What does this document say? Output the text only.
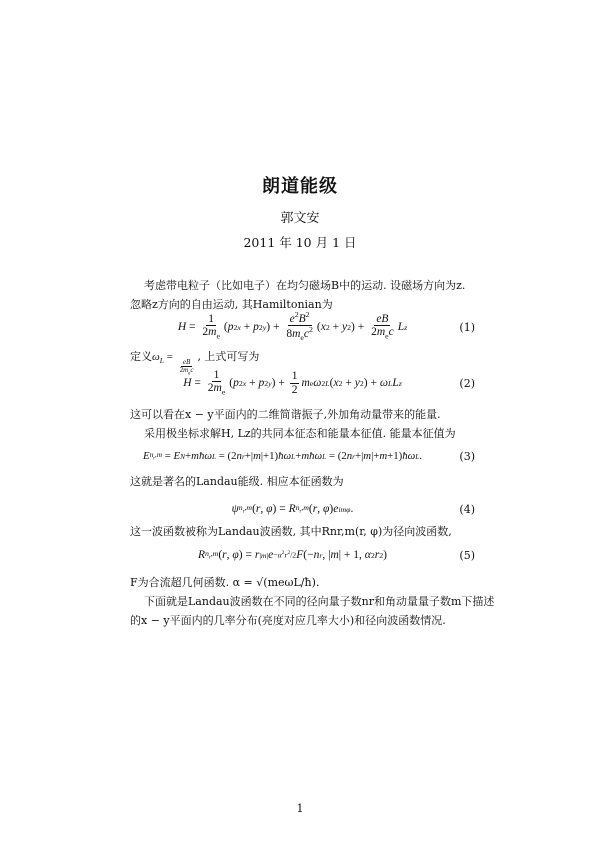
朗道能级
郭文安
2011 年 10 月 1 日
考虑带电粒子（比如电子）在均匀磁场B中的运动. 设磁场方向为z.
忽略z方向的自由运动, 其Hamiltonian为
$H = \frac{1}{2m_e}$ ( p 2 x + p 2 y ) + $\frac{e^2B^2}{8m_ec^2}$ ( x 2 + y 2 ) + $\frac{eB}{2m_ec}$ L z	(1)
定义$\omega_L$ =
$\frac{eB}{2m_ec}$
, 上式可写为
$H = \frac{1}{2m_e}$ ( p 2 x + p 2 y ) + $\frac{1}{2}$ m e ω 2 L ( x 2 + y 2 ) + ω L L z	(2)
这可以看在x − y平面内的二维简谐振子,外加角动量带来的能量.
采用极坐标求解H, Lz的共同本征态和能量本征值. 能量本征值为
E $n_r,m = E$ N + mħω L = (2 n r +| m |+1) ħω L + mħω L = (2 n r +| m |+ m +1) ħω L .	(3)
这就是著名的Landau能级. 相应本征函数为
ψ $n_r,m$ ( r , φ ) = R $n_r,m$ ( r , φ ) e imφ .	(4)
这一波函数被称为Landau波函数, 其中Rnr,m(r, φ)为径向波函数,
R $n_r,m$ ( r , φ ) = r |m| $e -\alpha^2r^2/2$ F (− n r , | m | + 1, α 2 r 2 )	(5)
F为合流超几何函数. α = √(meωL/ħ).
下面就是Landau波函数在不同的径向量子数nr和角动量量子数m下描述
的x − y平面内的几率分布(亮度对应几率大小)和径向波函数情况.
1
